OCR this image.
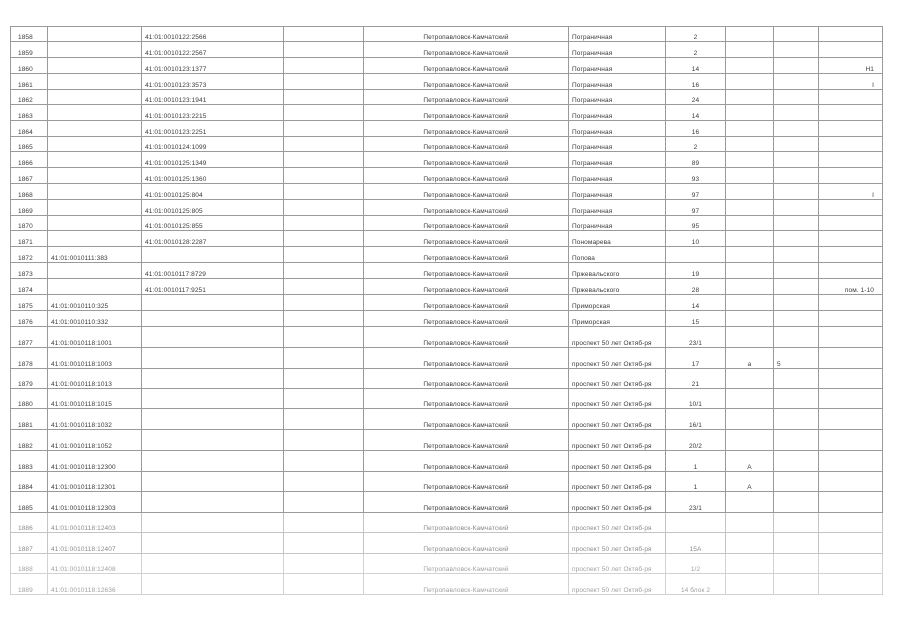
1858		41:01:0010122:2566		Петропавловск-Камчатский	Пограничная	2			
1859		41:01:0010122:2567		Петропавловск-Камчатский	Пограничная	2			
1860		41:01:0010123:1377		Петропавловск-Камчатский	Пограничная	14			Н1
1861		41:01:0010123:3573		Петропавловск-Камчатский	Пограничная	16			I
1862		41:01:0010123:1941		Петропавловск-Камчатский	Пограничная	24			
1863		41:01:0010123:2215		Петропавловск-Камчатский	Пограничная	14			
1864		41:01:0010123:2251		Петропавловск-Камчатский	Пограничная	16			
1865		41:01:0010124:1099		Петропавловск-Камчатский	Пограничная	2			
1866		41:01:0010125:1349		Петропавловск-Камчатский	Пограничная	89			
1867		41:01:0010125:1360		Петропавловск-Камчатский	Пограничная	93			
1868		41:01:0010125:804		Петропавловск-Камчатский	Пограничная	97			I
1869		41:01:0010125:805		Петропавловск-Камчатский	Пограничная	97			
1870		41:01:0010125:855		Петропавловск-Камчатский	Пограничная	95			
1871		41:01:0010128:2287		Петропавловск-Камчатский	Пономарева	10			
1872	41:01:0010111:383			Петропавловск-Камчатский	Попова				
1873		41:01:0010117:8729		Петропавловск-Камчатский	Пржевальского	19			
1874		41:01:0010117:9251		Петропавловск-Камчатский	Пржевальского	28			пом. 1-10
1875	41:01:0010110:325			Петропавловск-Камчатский	Приморская	14			
1876	41:01:0010110:332			Петропавловск-Камчатский	Приморская	15			
1877	41:01:0010118:1001			Петропавловск-Камчатский	проспект 50 лет Октяб-ря	23/1			
1878	41:01:0010118:1003			Петропавловск-Камчатский	проспект 50 лет Октяб-ря	17	а	5	
1879	41:01:0010118:1013			Петропавловск-Камчатский	проспект 50 лет Октяб-ря	21			
1880	41:01:0010118:1015			Петропавловск-Камчатский	проспект 50 лет Октяб-ря	10/1			
1881	41:01:0010118:1032			Петропавловск-Камчатский	проспект 50 лет Октяб-ря	16/1			
1882	41:01:0010118:1052			Петропавловск-Камчатский	проспект 50 лет Октяб-ря	20/2			
1883	41:01:0010118:12300			Петропавловск-Камчатский	проспект 50 лет Октяб-ря	1	А		
1884	41:01:0010118:12301			Петропавловск-Камчатский	проспект 50 лет Октяб-ря	1	А		
1885	41:01:0010118:12303			Петропавловск-Камчатский	проспект 50 лет Октяб-ря	23/1			
1886	41:01:0010118:12403			Петропавловск-Камчатский	проспект 50 лет Октяб-ря				
1887	41:01:0010118:12407			Петропавловск-Камчатский	проспект 50 лет Октяб-ря	15А			
1888	41:01:0010118:12408			Петропавловск-Камчатский	проспект 50 лет Октяб-ря	1/2			
1889	41:01:0010118:12636			Петропавловск-Камчатский	проспект 50 лет Октяб-ря	14 блок 2			
